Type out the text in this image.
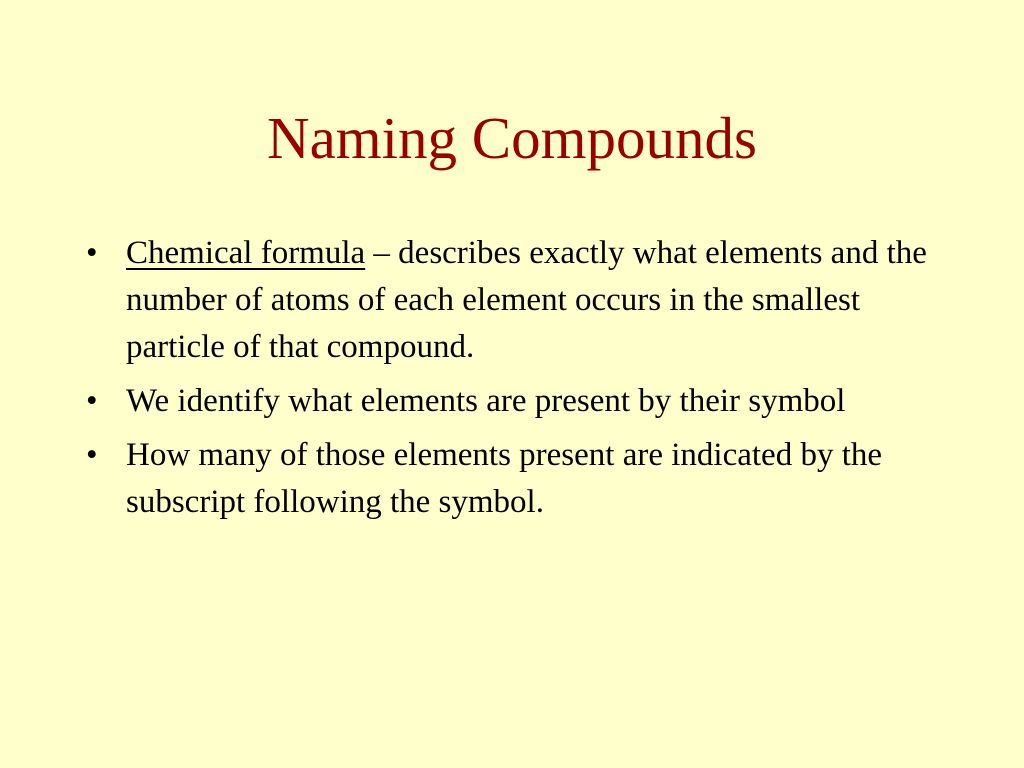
Naming Compounds
• Chemical formula – describes exactly what elements and the number of atoms of each element occurs in the smallest particle of that compound.
• We identify what elements are present by their symbol
• How many of those elements present are indicated by the subscript following the symbol.
